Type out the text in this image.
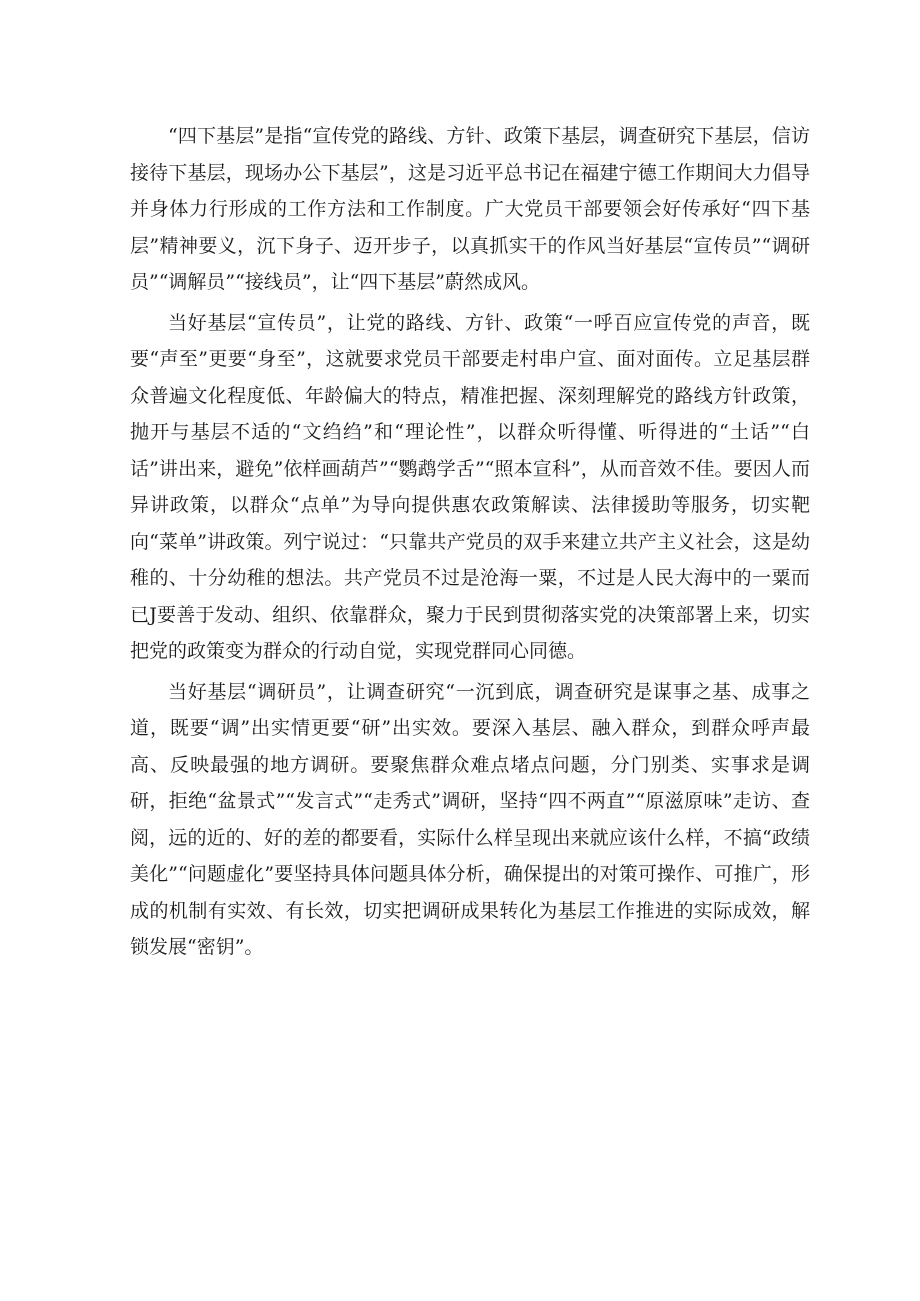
“四下基层”是指“宣传党的路线、方针、政策下基层，调查研究下基层，信访接待下基层，现场办公下基层”，这是习近平总书记在福建宁德工作期间大力倡导并身体力行形成的工作方法和工作制度。广大党员干部要领会好传承好“四下基层”精神要义，沉下身子、迈开步子，以真抓实干的作风当好基层“宣传员”“调研员”“调解员”“接线员”，让“四下基层”蔚然成风。

当好基层“宣传员”，让党的路线、方针、政策“一呼百应宣传党的声音，既要“声至”更要“身至”，这就要求党员干部要走村串户宣、面对面传。立足基层群众普遍文化程度低、年龄偏大的特点，精准把握、深刻理解党的路线方针政策，抛开与基层不适的“文绉绉”和“理论性”，以群众听得懂、听得进的“土话”“白话”讲出来，避免”依样画葫芦”“鹦鹉学舌”“照本宣科”，从而音效不佳。要因人而异讲政策，以群众“点单”为导向提供惠农政策解读、法律援助等服务，切实靶向“菜单”讲政策。列宁说过：“只靠共产党员的双手来建立共产主义社会，这是幼稚的、十分幼稚的想法。共产党员不过是沧海一粟，不过是人民大海中的一粟而已J要善于发动、组织、依靠群众，聚力于民到贯彻落实党的决策部署上来，切实把党的政策变为群众的行动自觉，实现党群同心同德。

当好基层“调研员”，让调查研究“一沉到底，调查研究是谋事之基、成事之道，既要“调”出实情更要“研”出实效。要深入基层、融入群众，到群众呼声最高、反映最强的地方调研。要聚焦群众难点堵点问题，分门别类、实事求是调研，拒绝“盆景式”“发言式”“走秀式”调研，坚持“四不两直”“原滋原味”走访、查阅，远的近的、好的差的都要看，实际什么样呈现出来就应该什么样，不搞“政绩美化”“问题虚化”要坚持具体问题具体分析，确保提出的对策可操作、可推广，形成的机制有实效、有长效，切实把调研成果转化为基层工作推进的实际成效，解锁发展“密钥”。
